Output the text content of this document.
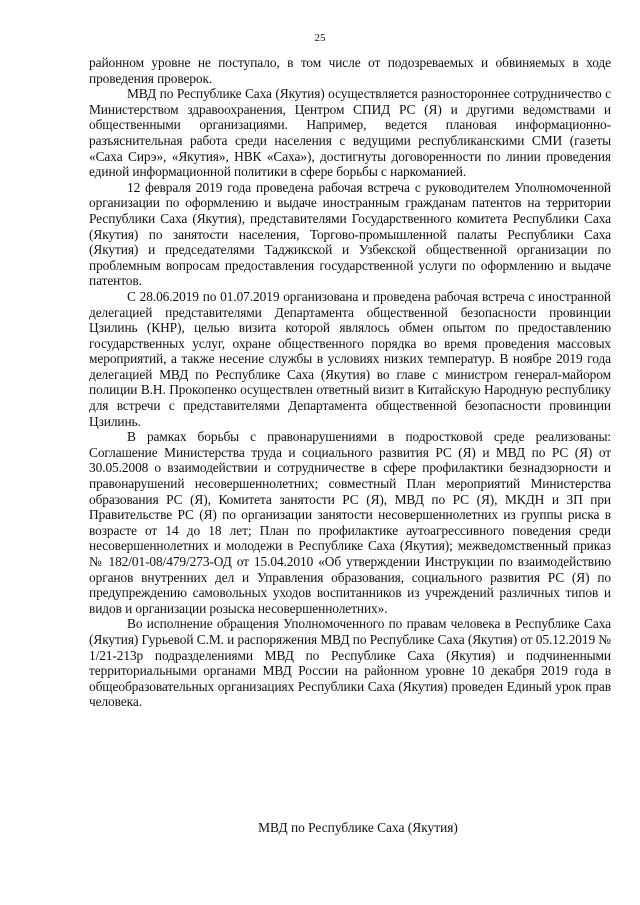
25

районном уровне не поступало, в том числе от подозреваемых и обвиняемых в ходе проведения проверок.

МВД по Республике Саха (Якутия) осуществляется разностороннее сотрудничество с Министерством здравоохранения, Центром СПИД РС (Я) и другими ведомствами и общественными организациями. Например, ведется плановая информационно-разъяснительная работа среди населения с ведущими республиканскими СМИ (газеты «Саха Сирэ», «Якутия», НВК «Саха»), достигнуты договоренности по линии проведения единой информационной политики в сфере борьбы с наркоманией.

12 февраля 2019 года проведена рабочая встреча с руководителем Уполномоченной организации по оформлению и выдаче иностранным гражданам патентов на территории Республики Саха (Якутия), представителями Государственного комитета Республики Саха (Якутия) по занятости населения, Торгово-промышленной палаты Республики Саха (Якутия) и председателями Таджикской и Узбекской общественной организации по проблемным вопросам предоставления государственной услуги по оформлению и выдаче патентов.

С 28.06.2019 по 01.07.2019 организована и проведена рабочая встреча с иностранной делегацией представителями Департамента общественной безопасности провинции Цзилинь (КНР), целью визита которой являлось обмен опытом по предоставлению государственных услуг, охране общественного порядка во время проведения массовых мероприятий, а также несение службы в условиях низких температур. В ноябре 2019 года делегацией МВД по Республике Саха (Якутия) во главе с министром генерал-майором полиции В.Н. Прокопенко осуществлен ответный визит в Китайскую Народную республику для встречи с представителями Департамента общественной безопасности провинции Цзилинь.

В рамках борьбы с правонарушениями в подростковой среде реализованы: Соглашение Министерства труда и социального развития РС (Я) и МВД по РС (Я) от 30.05.2008 о взаимодействии и сотрудничестве в сфере профилактики безнадзорности и правонарушений несовершеннолетних; совместный План мероприятий Министерства образования РС (Я), Комитета занятости РС (Я), МВД по РС (Я), МКДН и ЗП при Правительстве РС (Я) по организации занятости несовершеннолетних из группы риска в возрасте от 14 до 18 лет; План по профилактике аутоагрессивного поведения среди несовершеннолетних и молодежи в Республике Саха (Якутия); межведомственный приказ № 182/01-08/479/273-ОД от 15.04.2010 «Об утверждении Инструкции по взаимодействию органов внутренних дел и Управления образования, социального развития РС (Я) по предупреждению самовольных уходов воспитанников из учреждений различных типов и видов и организации розыска несовершеннолетних».

Во исполнение обращения Уполномоченного по правам человека в Республике Саха (Якутия) Гурьевой С.М. и распоряжения МВД по Республике Саха (Якутия) от 05.12.2019 № 1/21-213р подразделениями МВД по Республике Саха (Якутия) и подчиненными территориальными органами МВД России на районном уровне 10 декабря 2019 года в общеобразовательных организациях Республики Саха (Якутия) проведен Единый урок прав человека.

МВД по Республике Саха (Якутия)
